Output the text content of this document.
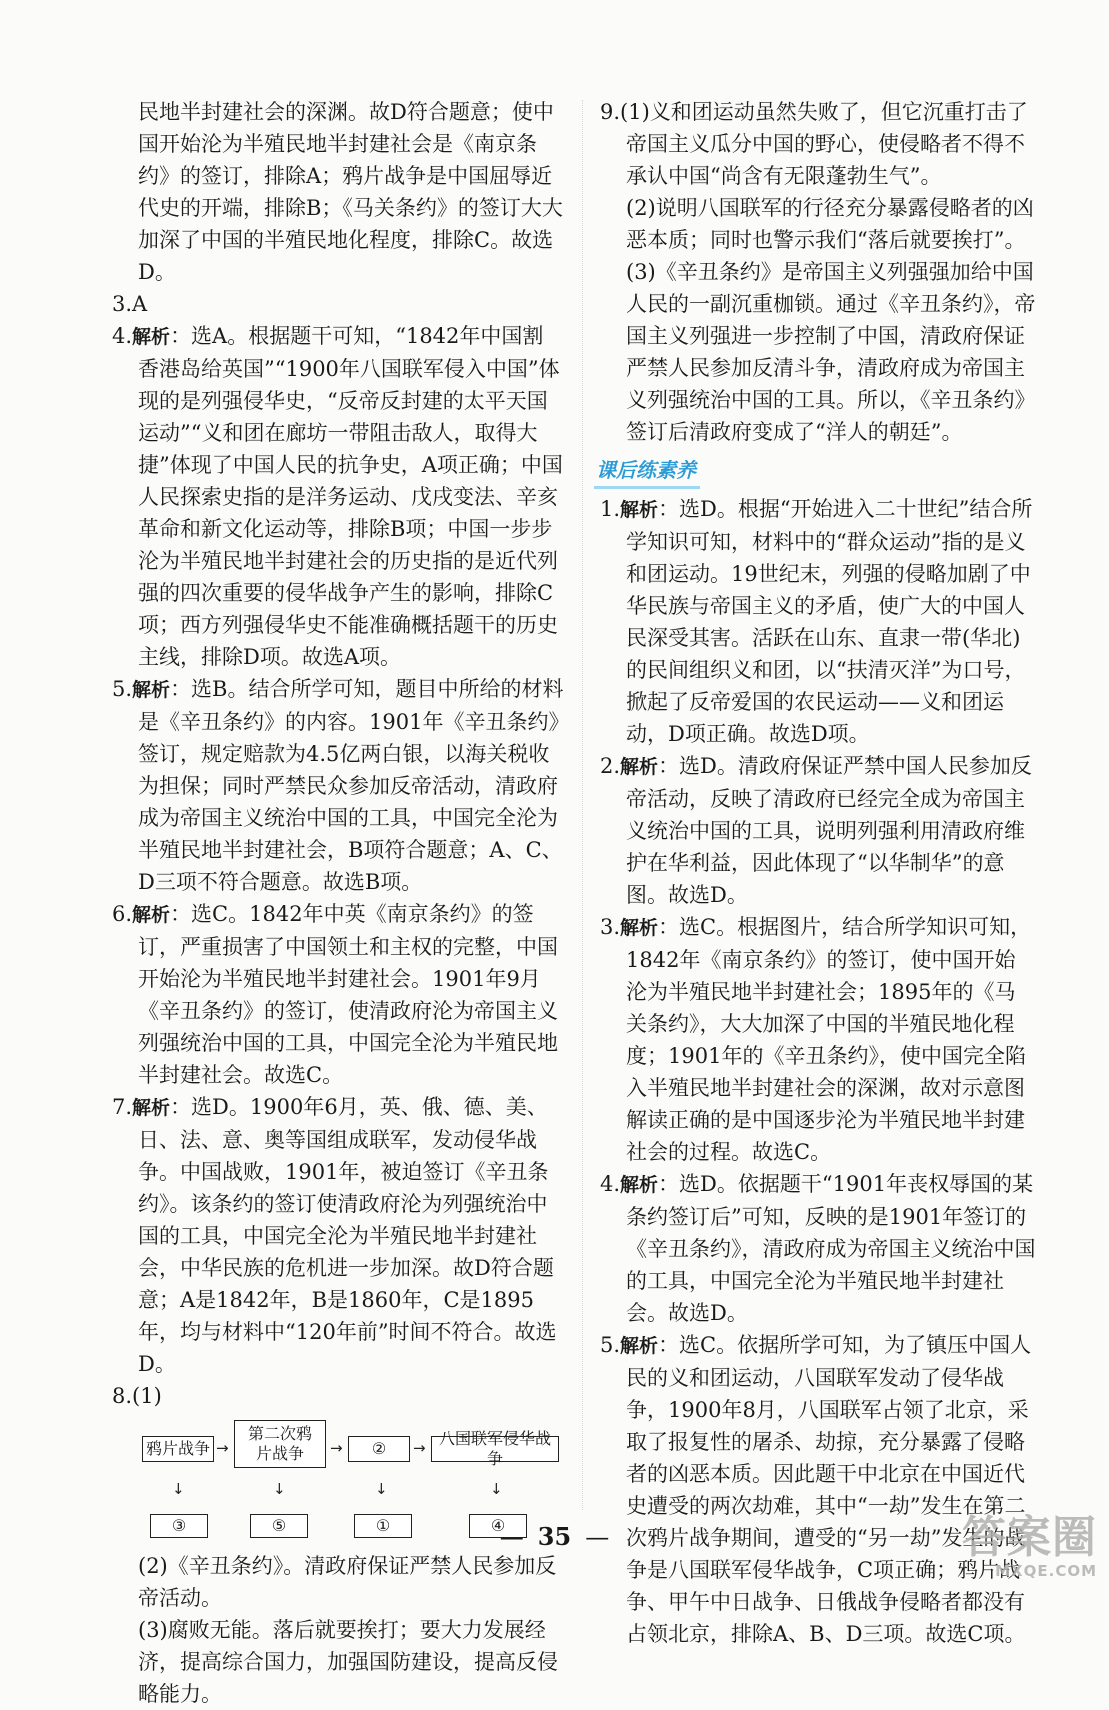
民地半封建社会的深渊。故D符合题意；使中国开始沦为半殖民地半封建社会是《南京条约》的签订，排除A；鸦片战争是中国屈辱近代史的开端，排除B；《马关条约》的签订大大加深了中国的半殖民地化程度，排除C。故选D。

3.A

4.解析：选A。根据题干可知，“1842年中国割香港岛给英国”“1900年八国联军侵入中国”体现的是列强侵华史，“反帝反封建的太平天国运动”“义和团在廊坊一带阻击敌人，取得大捷”体现了中国人民的抗争史，A项正确；中国人民探索史指的是洋务运动、戊戌变法、辛亥革命和新文化运动等，排除B项；中国一步步沦为半殖民地半封建社会的历史指的是近代列强的四次重要的侵华战争产生的影响，排除C项；西方列强侵华史不能准确概括题干的历史主线，排除D项。故选A项。

5.解析：选B。结合所学可知，题目中所给的材料是《辛丑条约》的内容。1901年《辛丑条约》签订，规定赔款为4.5亿两白银，以海关税收为担保；同时严禁民众参加反帝活动，清政府成为帝国主义统治中国的工具，中国完全沦为半殖民地半封建社会，B项符合题意；A、C、D三项不符合题意。故选B项。

6.解析：选C。1842年中英《南京条约》的签订，严重损害了中国领土和主权的完整，中国开始沦为半殖民地半封建社会。1901年9月《辛丑条约》的签订，使清政府沦为帝国主义列强统治中国的工具，中国完全沦为半殖民地半封建社会。故选C。

7.解析：选D。1900年6月，英、俄、德、美、日、法、意、奥等国组成联军，发动侵华战争。中国战败，1901年，被迫签订《辛丑条约》。该条约的签订使清政府沦为列强统治中国的工具，中国完全沦为半殖民地半封建社会，中华民族的危机进一步加深。故D符合题意；A是1842年，B是1860年，C是1895年，均与材料中“120年前”时间不符合。故选D。

8.(1)

鸦片战争 →
第二次鸦片战争	→	②	→ 八国联军侵华战争
↓	↓	↓	↓
③	⑤	①	④

(2)《辛丑条约》。清政府保证严禁人民参加反帝活动。

(3)腐败无能。落后就要挨打；要大力发展经济，提高综合国力，加强国防建设，提高反侵略能力。

9.(1)义和团运动虽然失败了，但它沉重打击了帝国主义瓜分中国的野心，使侵略者不得不承认中国“尚含有无限蓬勃生气”。

(2)说明八国联军的行径充分暴露侵略者的凶恶本质；同时也警示我们“落后就要挨打”。

(3)《辛丑条约》是帝国主义列强强加给中国人民的一副沉重枷锁。通过《辛丑条约》，帝国主义列强进一步控制了中国，清政府保证严禁人民参加反清斗争，清政府成为帝国主义列强统治中国的工具。所以，《辛丑条约》签订后清政府变成了“洋人的朝廷”。

课后练素养

1.解析：选D。根据“开始进入二十世纪”结合所学知识可知，材料中的“群众运动”指的是义和团运动。19世纪末，列强的侵略加剧了中华民族与帝国主义的矛盾，使广大的中国人民深受其害。活跃在山东、直隶一带(华北)的民间组织义和团，以“扶清灭洋”为口号，掀起了反帝爱国的农民运动——义和团运动，D项正确。故选D项。

2.解析：选D。清政府保证严禁中国人民参加反帝活动，反映了清政府已经完全成为帝国主义统治中国的工具，说明列强利用清政府维护在华利益，因此体现了“以华制华”的意图。故选D。

3.解析：选C。根据图片，结合所学知识可知，1842年《南京条约》的签订，使中国开始沦为半殖民地半封建社会；1895年的《马关条约》，大大加深了中国的半殖民地化程度；1901年的《辛丑条约》，使中国完全陷入半殖民地半封建社会的深渊，故对示意图解读正确的是中国逐步沦为半殖民地半封建社会的过程。故选C。

4.解析：选D。依据题干“1901年丧权辱国的某条约签订后”可知，反映的是1901年签订的《辛丑条约》，清政府成为帝国主义统治中国的工具，中国完全沦为半殖民地半封建社会。故选D。

5.解析：选C。依据所学可知，为了镇压中国人民的义和团运动，八国联军发动了侵华战争，1900年8月，八国联军占领了北京，采取了报复性的屠杀、劫掠，充分暴露了侵略者的凶恶本质。因此题干中北京在中国近代史遭受的两次劫难，其中“一劫”发生在第二次鸦片战争期间，遭受的“另一劫”发生的战争是八国联军侵华战争，C项正确；鸦片战争、甲午中日战争、日俄战争侵略者都没有占领北京，排除A、B、D三项。故选C项。

— 35 —	答案圈
MXQE.COM
